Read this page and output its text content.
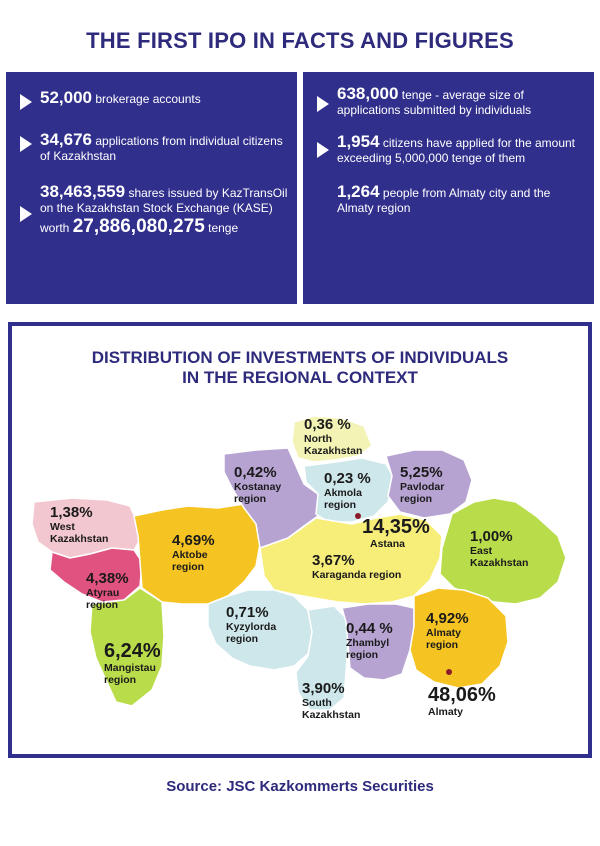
THE FIRST IPO IN FACTS AND FIGURES
52,000 brokerage accounts
34,676 applications from individual citizens of Kazakhstan
38,463,559 shares issued by KazTransOil on the Kazakhstan Stock Exchange (KASE) worth 27,886,080,275 tenge
638,000 tenge - average size of applications submitted by individuals
1,954 citizens have applied for the amount exceeding 5,000,000 tenge of them
1,264 people from Almaty city and the Almaty region
DISTRIBUTION OF INVESTMENTS OF INDIVIDUALS
IN THE REGIONAL CONTEXT
0,36 %
North
Kazakhstan
0,42%
Kostanay
region
0,23 %
Akmola
region
5,25%
Pavlodar
region
14,35%
Astana
1,38%
West
Kazakhstan	4,69%
Aktobe
region	3,67%
Karaganda region
1,00%
East
Kazakhstan
4,38%
Atyrau
region	0,71%
Kyzylorda
region
0,44 %
Zhambyl
region
4,92%
Almaty
region
6,24%
Mangistau
region	3,90%
South
Kazakhstan
48,06%
Almaty
Source: JSC Kazkommerts Securities
